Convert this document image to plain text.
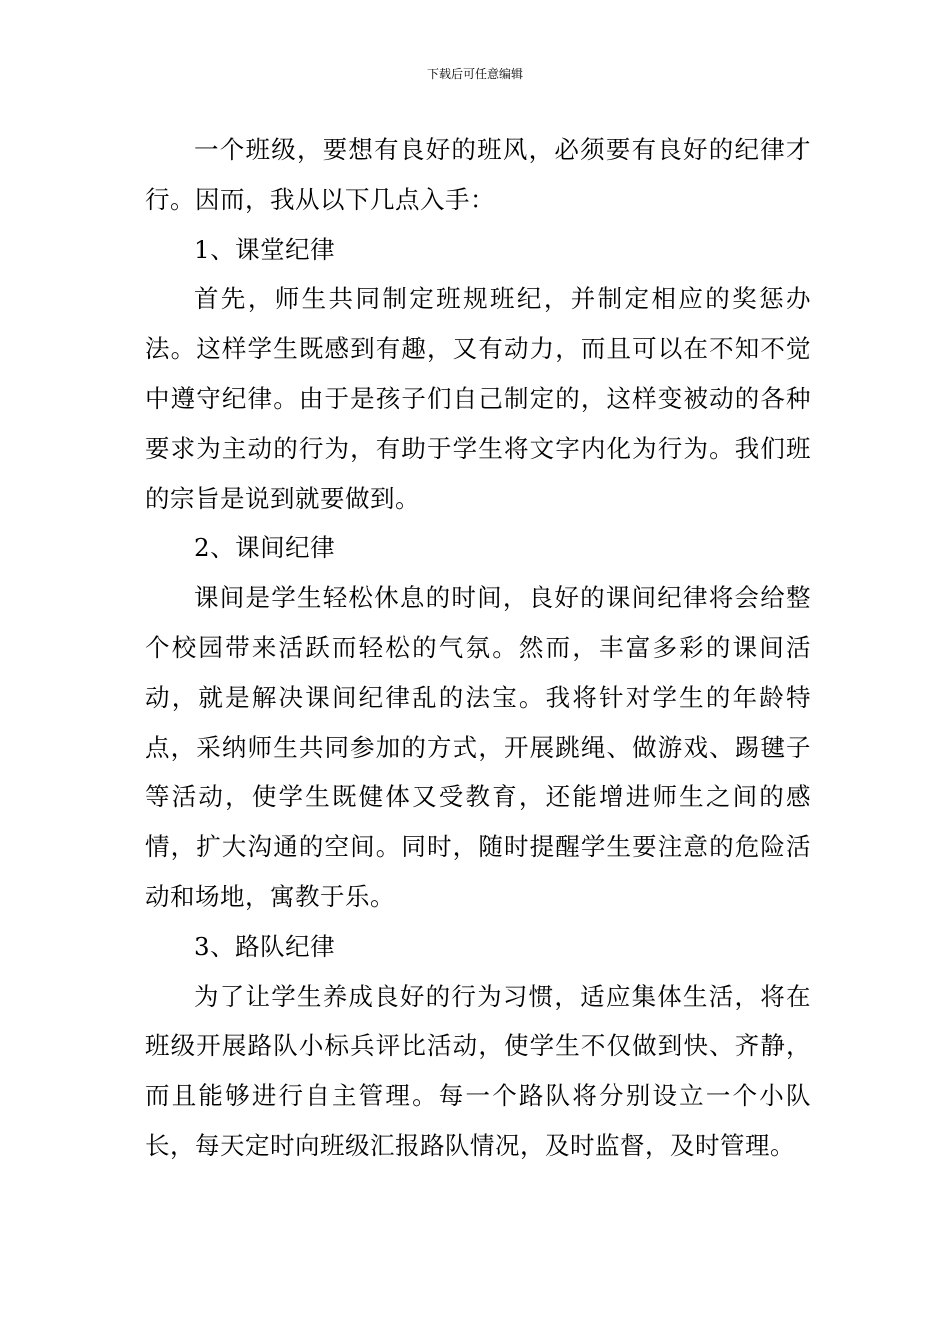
下载后可任意编辑

一个班级，要想有良好的班风，必须要有良好的纪律才行。因而，我从以下几点入手：

1、课堂纪律

首先，师生共同制定班规班纪，并制定相应的奖惩办法。这样学生既感到有趣，又有动力，而且可以在不知不觉中遵守纪律。由于是孩子们自己制定的，这样变被动的各种要求为主动的行为，有助于学生将文字内化为行为。我们班的宗旨是说到就要做到。

2、课间纪律

课间是学生轻松休息的时间，良好的课间纪律将会给整个校园带来活跃而轻松的气氛。然而，丰富多彩的课间活动，就是解决课间纪律乱的法宝。我将针对学生的年龄特点，采纳师生共同参加的方式，开展跳绳、做游戏、踢毽子等活动，使学生既健体又受教育，还能增进师生之间的感情，扩大沟通的空间。同时，随时提醒学生要注意的危险活动和场地，寓教于乐。

3、路队纪律

为了让学生养成良好的行为习惯，适应集体生活，将在班级开展路队小标兵评比活动，使学生不仅做到快、齐静，而且能够进行自主管理。每一个路队将分别设立一个小队长，每天定时向班级汇报路队情况，及时监督，及时管理。
